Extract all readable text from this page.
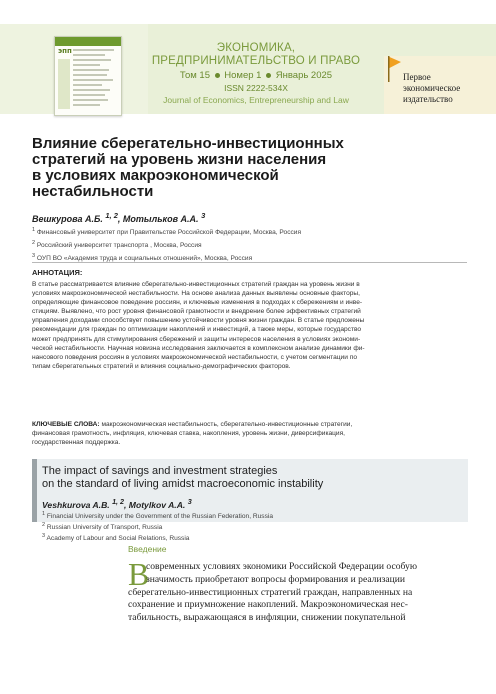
эпп	ЭКОНОМИКА,
ПРЕДПРИНИМАТЕЛЬСТВО И ПРАВО
Том 15 Номер 1 Январь 2025
ISSN 2222-534X
Journal of Economics, Entrepreneurship and Law
Первое
экономическое
издательство
Влияние сберегательно-инвестиционных
стратегий на уровень жизни населения
в условиях макроэкономической
нестабильности
Вешкурова А.Б. $^{1, 2}$, Мотыльков А.А. $^3$
$^1$ Финансовый университет при Правительстве Российской Федерации, Москва, Россия
$^2$ Российский университет транспорта , Москва, Россия
$^3$ ОУП ВО «Академия труда и социальных отношений», Москва, Россия
АННОТАЦИЯ:
В статье рассматривается влияние сберегательно-инвестиционных стратегий граждан на уровень жизни в
условиях макроэкономической нестабильности. На основе анализа данных выявлены основные факторы,
определяющие финансовое поведение россиян, и ключевые изменения в подходах к сбережениям и инве-
стициям. Выявлено, что рост уровня финансовой грамотности и внедрение более эффективных стратегий
управления доходами способствует повышению устойчивости уровня жизни граждан. В статье предложены
рекомендации для граждан по оптимизации накоплений и инвестиций, а также меры, которые государство
может предпринять для стимулирования сбережений и защиты интересов населения в условиях экономи-
ческой нестабильности. Научная новизна исследования заключается в комплексном анализе динамики фи-
нансового поведения россиян в условиях макроэкономической нестабильности, с учетом сегментации по
типам сберегательных стратегий и влияния социально-демографических факторов.
КЛЮЧЕВЫЕ СЛОВА: макроэкономическая нестабильность, сберегательно-инвестиционные стратегии,
финансовая грамотность, инфляция, ключевая ставка, накопления, уровень жизни, диверсификация,
государственная поддержка.
The impact of savings and investment strategies
on the standard of living amidst macroeconomic instability
Veshkurova A.B. $^{1, 2}$, Motylkov A.A. $^3$
$^1$ Financial University under the Government of the Russian Federation, Russia
$^2$ Russian University of Transport, Russia
$^3$ Academy of Labour and Social Relations, Russia
Введение
В
современных условиях экономики Российской Федерации особую
значимость приобретают вопросы формирования и реализации
сберегательно-инвестиционных стратегий граждан, направленных на
сохранение и приумножение накоплений. Макроэкономическая нес-
табильность, выражающаяся в инфляции, снижении покупательной
